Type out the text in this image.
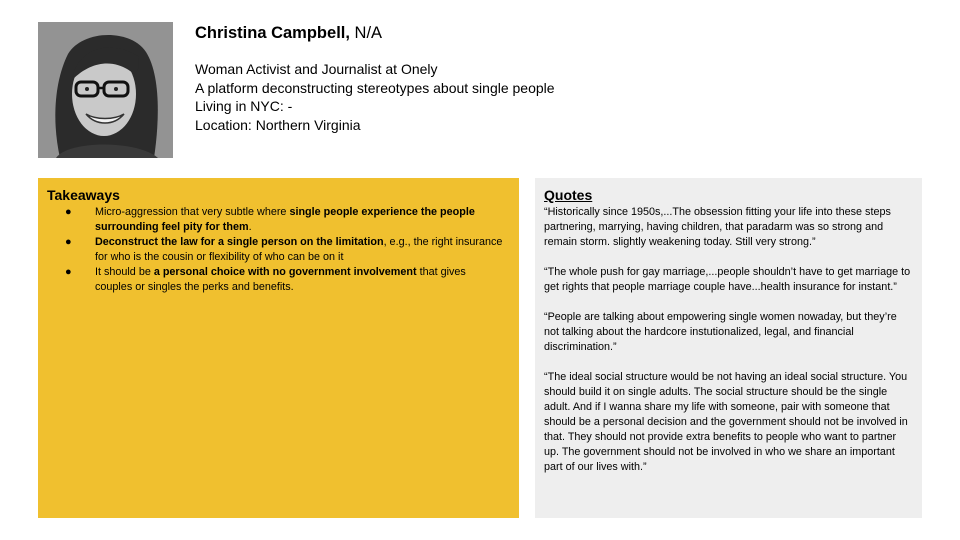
Christina Campbell, N/A

Woman Activist and Journalist at Onely

A platform deconstructing stereotypes about single people

Living in NYC: -

Location: Northern Virginia

Takeaways
● Micro-aggression that very subtle where single people experience the people surrounding feel pity for them.
● Deconstruct the law for a single person on the limitation, e.g., the right insurance for who is the cousin or flexibility of who can be on it
● It should be a personal choice with no government involvement that gives couples or singles the perks and benefits.
Quotes

“Historically since 1950s,...The obsession fitting your life into these steps partnering, marrying, having children, that paradarm was so strong and remain storm. slightly weakening today. Still very strong.”

“The whole push for gay marriage,...people shouldn’t have to get marriage to get rights that people marriage couple have...health insurance for instant.”

“People are talking about empowering single women nowaday, but they’re not talking about the hardcore instutionalized, legal, and financial discrimination.”

“The ideal social structure would be not having an ideal social structure. You should build it on single adults. The social structure should be the single adult. And if I wanna share my life with someone, pair with someone that should be a personal decision and the government should not be involved in that. They should not provide extra benefits to people who want to partner up. The government should not be involved in who we share an important part of our lives with.”
